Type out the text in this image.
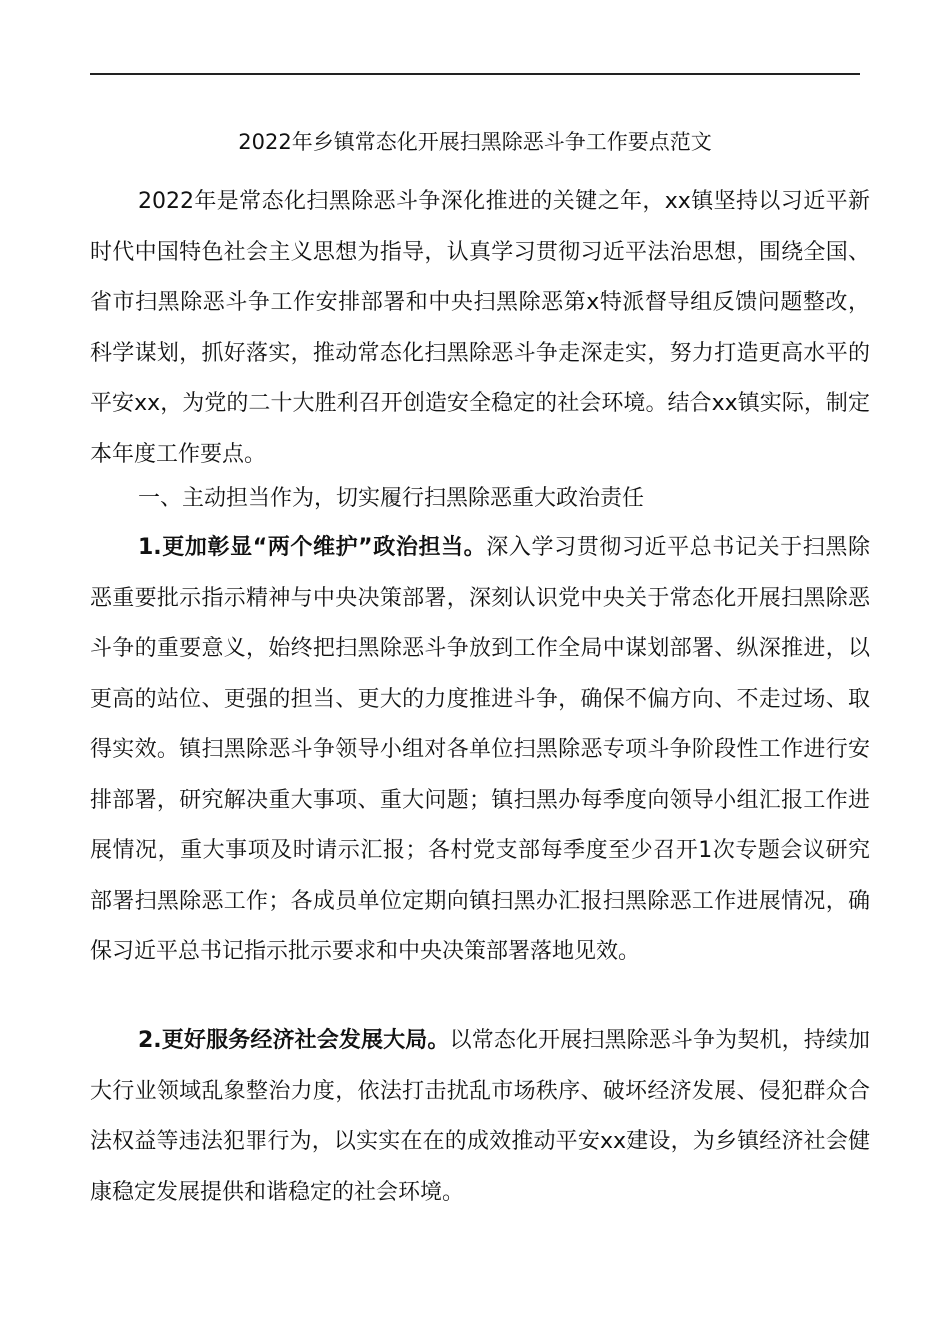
2022年乡镇常态化开展扫黑除恶斗争工作要点范文

2022年是常态化扫黑除恶斗争深化推进的关键之年，xx镇坚持以习近平新时代中国特色社会主义思想为指导，认真学习贯彻习近平法治思想，围绕全国、省市扫黑除恶斗争工作安排部署和中央扫黑除恶第x特派督导组反馈问题整改，科学谋划，抓好落实，推动常态化扫黑除恶斗争走深走实，努力打造更高水平的平安xx，为党的二十大胜利召开创造安全稳定的社会环境。结合xx镇实际，制定本年度工作要点。

一、主动担当作为，切实履行扫黑除恶重大政治责任

1.更加彰显“两个维护”政治担当。深入学习贯彻习近平总书记关于扫黑除恶重要批示指示精神与中央决策部署，深刻认识党中央关于常态化开展扫黑除恶斗争的重要意义，始终把扫黑除恶斗争放到工作全局中谋划部署、纵深推进，以更高的站位、更强的担当、更大的力度推进斗争，确保不偏方向、不走过场、取得实效。镇扫黑除恶斗争领导小组对各单位扫黑除恶专项斗争阶段性工作进行安排部署，研究解决重大事项、重大问题；镇扫黑办每季度向领导小组汇报工作进展情况，重大事项及时请示汇报；各村党支部每季度至少召开1次专题会议研究部署扫黑除恶工作；各成员单位定期向镇扫黑办汇报扫黑除恶工作进展情况，确保习近平总书记指示批示要求和中央决策部署落地见效。

2.更好服务经济社会发展大局。以常态化开展扫黑除恶斗争为契机，持续加大行业领域乱象整治力度，依法打击扰乱市场秩序、破坏经济发展、侵犯群众合法权益等违法犯罪行为，以实实在在的成效推动平安xx建设，为乡镇经济社会健康稳定发展提供和谐稳定的社会环境。
